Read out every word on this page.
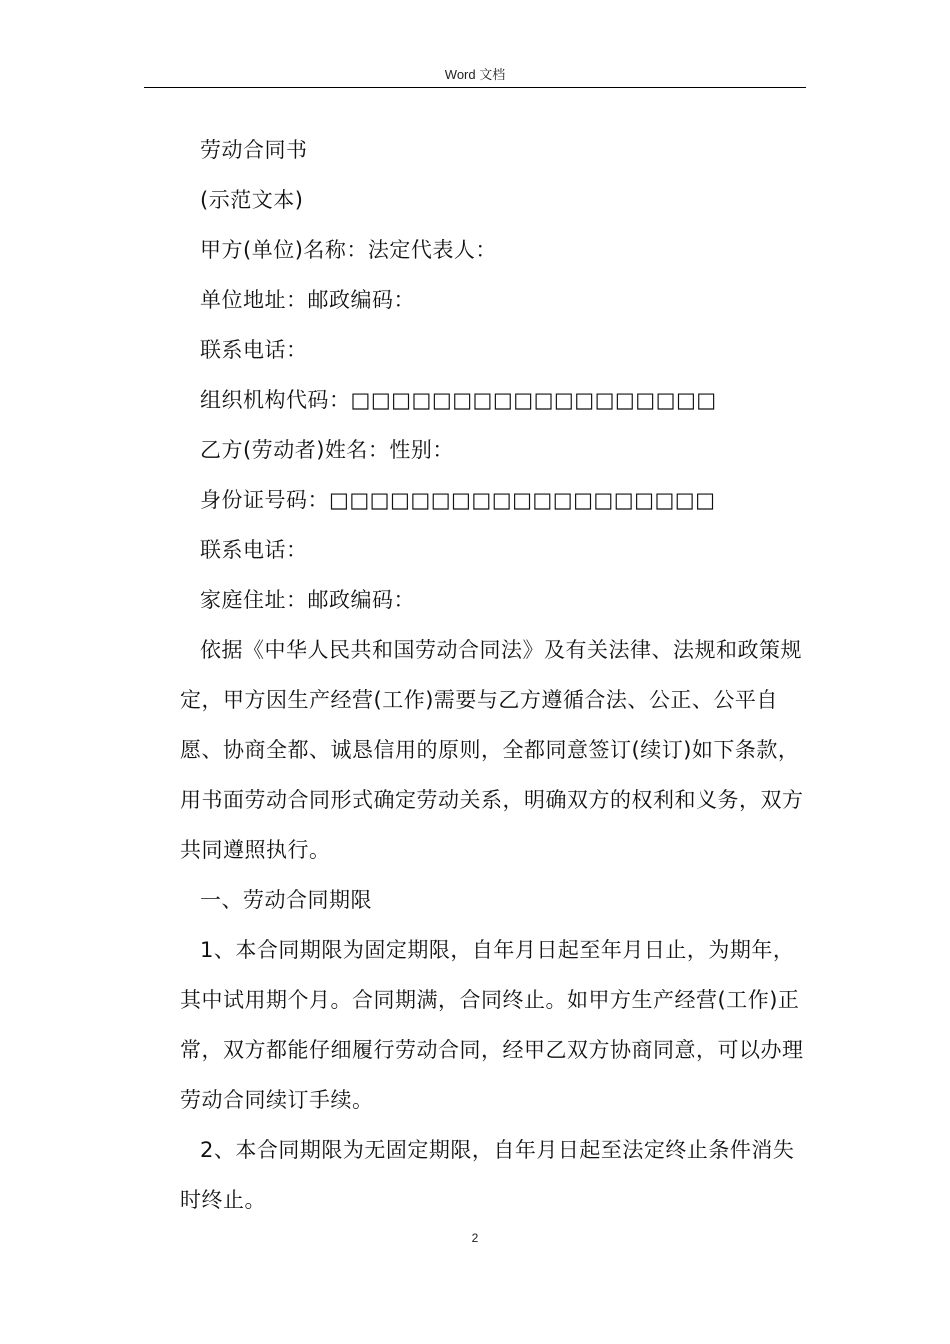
Word 文档

劳动合同书

(示范文本)

甲方(单位)名称：法定代表人：

单位地址：邮政编码：

联系电话：

组织机构代码：□□□□□□□□□□□□□□□□□□

乙方(劳动者)姓名：性别：

身份证号码：□□□□□□□□□□□□□□□□□□□

联系电话：

家庭住址：邮政编码：

依据《中华人民共和国劳动合同法》及有关法律、法规和政策规定，甲方因生产经营(工作)需要与乙方遵循合法、公正、公平自愿、协商全都、诚恳信用的原则，全都同意签订(续订)如下条款，用书面劳动合同形式确定劳动关系，明确双方的权利和义务，双方共同遵照执行。

一、劳动合同期限

1、本合同期限为固定期限，自年月日起至年月日止，为期年，其中试用期个月。合同期满，合同终止。如甲方生产经营(工作)正常，双方都能仔细履行劳动合同，经甲乙双方协商同意，可以办理劳动合同续订手续。

2、本合同期限为无固定期限，自年月日起至法定终止条件消失时终止。

2
